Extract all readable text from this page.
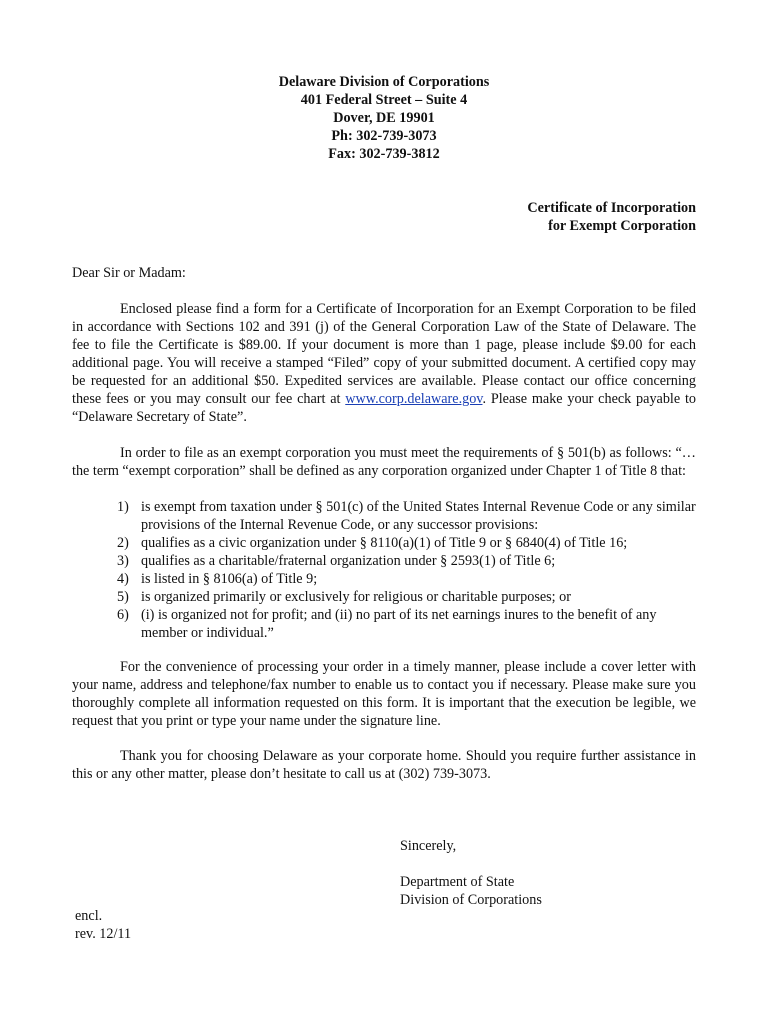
Delaware Division of Corporations
401 Federal Street – Suite 4
Dover, DE 19901
Ph: 302-739-3073
Fax: 302-739-3812
Certificate of Incorporation
for Exempt Corporation
Dear Sir or Madam:
Enclosed please find a form for a Certificate of Incorporation for an Exempt Corporation to be filed in accordance with Sections 102 and 391 (j) of the General Corporation Law of the State of Delaware. The fee to file the Certificate is $89.00. If your document is more than 1 page, please include $9.00 for each additional page. You will receive a stamped “Filed” copy of your submitted document. A certified copy may be requested for an additional $50. Expedited services are available. Please contact our office concerning these fees or you may consult our fee chart at www.corp.delaware.gov. Please make your check payable to “Delaware Secretary of State”.
In order to file as an exempt corporation you must meet the requirements of § 501(b) as follows: “…the term “exempt corporation” shall be defined as any corporation organized under Chapter 1 of Title 8 that:
1) is exempt from taxation under § 501(c) of the United States Internal Revenue Code or any similar provisions of the Internal Revenue Code, or any successor provisions:
2) qualifies as a civic organization under § 8110(a)(1) of Title 9 or § 6840(4) of Title 16;
3) qualifies as a charitable/fraternal organization under § 2593(1) of Title 6;
4) is listed in § 8106(a) of Title 9;
5) is organized primarily or exclusively for religious or charitable purposes; or
6) (i) is organized not for profit; and (ii) no part of its net earnings inures to the benefit of any member or individual.”
For the convenience of processing your order in a timely manner, please include a cover letter with your name, address and telephone/fax number to enable us to contact you if necessary. Please make sure you thoroughly complete all information requested on this form. It is important that the execution be legible, we request that you print or type your name under the signature line.
Thank you for choosing Delaware as your corporate home. Should you require further assistance in this or any other matter, please don’t hesitate to call us at (302) 739-3073.
Sincerely,
Department of State
Division of Corporations
encl.
rev. 12/11
